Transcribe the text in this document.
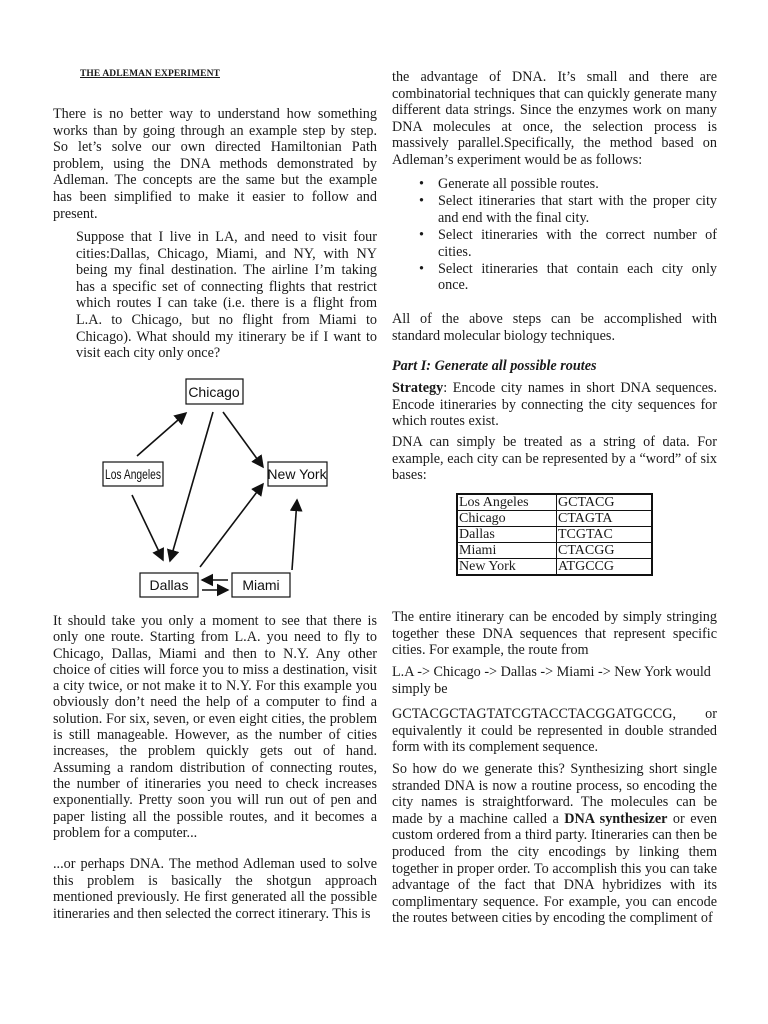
THE ADLEMAN EXPERIMENT
There is no better way to understand how something works than by going through an example step by step. So let’s solve our own directed Hamiltonian Path problem, using the DNA methods demonstrated by Adleman. The concepts are the same but the example has been simplified to make it easier to follow and present.
Suppose that I live in LA, and need to visit four cities:Dallas, Chicago, Miami, and NY, with NY being my final destination. The airline I’m taking has a specific set of connecting flights that restrict which routes I can take (i.e. there is a flight from L.A. to Chicago, but no flight from Miami to Chicago). What should my itinerary be if I want to visit each city only once?
Chicago
Los Angeles	New York
Dallas	Miami
It should take you only a moment to see that there is only one route. Starting from L.A. you need to fly to Chicago, Dallas, Miami and then to N.Y. Any other choice of cities will force you to miss a destination, visit a city twice, or not make it to N.Y. For this example you obviously don’t need the help of a computer to find a solution. For six, seven, or even eight cities, the problem is still manageable. However, as the number of cities increases, the problem quickly gets out of hand. Assuming a random distribution of connecting routes, the number of itineraries you need to check increases exponentially. Pretty soon you will run out of pen and paper listing all the possible routes, and it becomes a problem for a computer...
...or perhaps DNA. The method Adleman used to solve this problem is basically the shotgun approach mentioned previously. He first generated all the possible itineraries and then selected the correct itinerary. This is
the advantage of DNA. It’s small and there are combinatorial techniques that can quickly generate many different data strings. Since the enzymes work on many DNA molecules at once, the selection process is massively parallel.Specifically, the method based on Adleman’s experiment would be as follows:
• Generate all possible routes.
• Select itineraries that start with the proper city and end with the final city.
• Select itineraries with the correct number of cities.
• Select itineraries that contain each city only once.
All of the above steps can be accomplished with standard molecular biology techniques.
Part I: Generate all possible routes
Strategy: Encode city names in short DNA sequences. Encode itineraries by connecting the city sequences for which routes exist.
DNA can simply be treated as a string of data. For example, each city can be represented by a “word” of six bases:
Los Angeles	GCTACG
Chicago	CTAGTA
Dallas	TCGTAC
Miami	CTACGG
New York	ATGCCG
The entire itinerary can be encoded by simply stringing together these DNA sequences that represent specific cities. For example, the route from
L.A -> Chicago -> Dallas -> Miami -> New York would simply be
GCTACGCTAGTATCGTACCTACGGATGCCG, or equivalently it could be represented in double stranded form with its complement sequence.
So how do we generate this? Synthesizing short single stranded DNA is now a routine process, so encoding the city names is straightforward. The molecules can be made by a machine called a DNA synthesizer or even custom ordered from a third party. Itineraries can then be produced from the city encodings by linking them together in proper order. To accomplish this you can take advantage of the fact that DNA hybridizes with its complimentary sequence. For example, you can encode the routes between cities by encoding the compliment of
